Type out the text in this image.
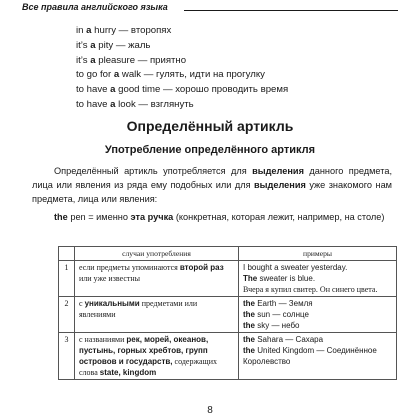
Все правила английского языка
in a hurry — второпях
it’s a pity — жаль
it’s a pleasure — приятно
to go for a walk — гулять, идти на прогулку
to have a good time — хорошо проводить время
to have a look — взглянуть
Определённый артикль
Употребление определённого артикля

Определённый артикль употребляется для выделения данного предмета, лица или явления из ряда ему подобных или для выделения уже знакомого нам предмета, лица или явления:

the pen = именно эта ручка (конкретная, которая лежит, например, на столе)

	случаи употребления	примеры
1	если предметы упоминаются второй раз или уже известны	I bought a sweater yesterday.
The sweater is blue.
Вчера я купил свитер. Он синего цвета.

2	с уникальными предметами или явлениями	the Earth — Земля
the sun — солнце
the sky — небо

3	с названиями рек, морей, океанов, пустынь, горных хребтов, групп островов и государств, содержащих слова state, kingdom	the Sahara — Сахара
the United Kingdom — Соединённое Королевство
8
